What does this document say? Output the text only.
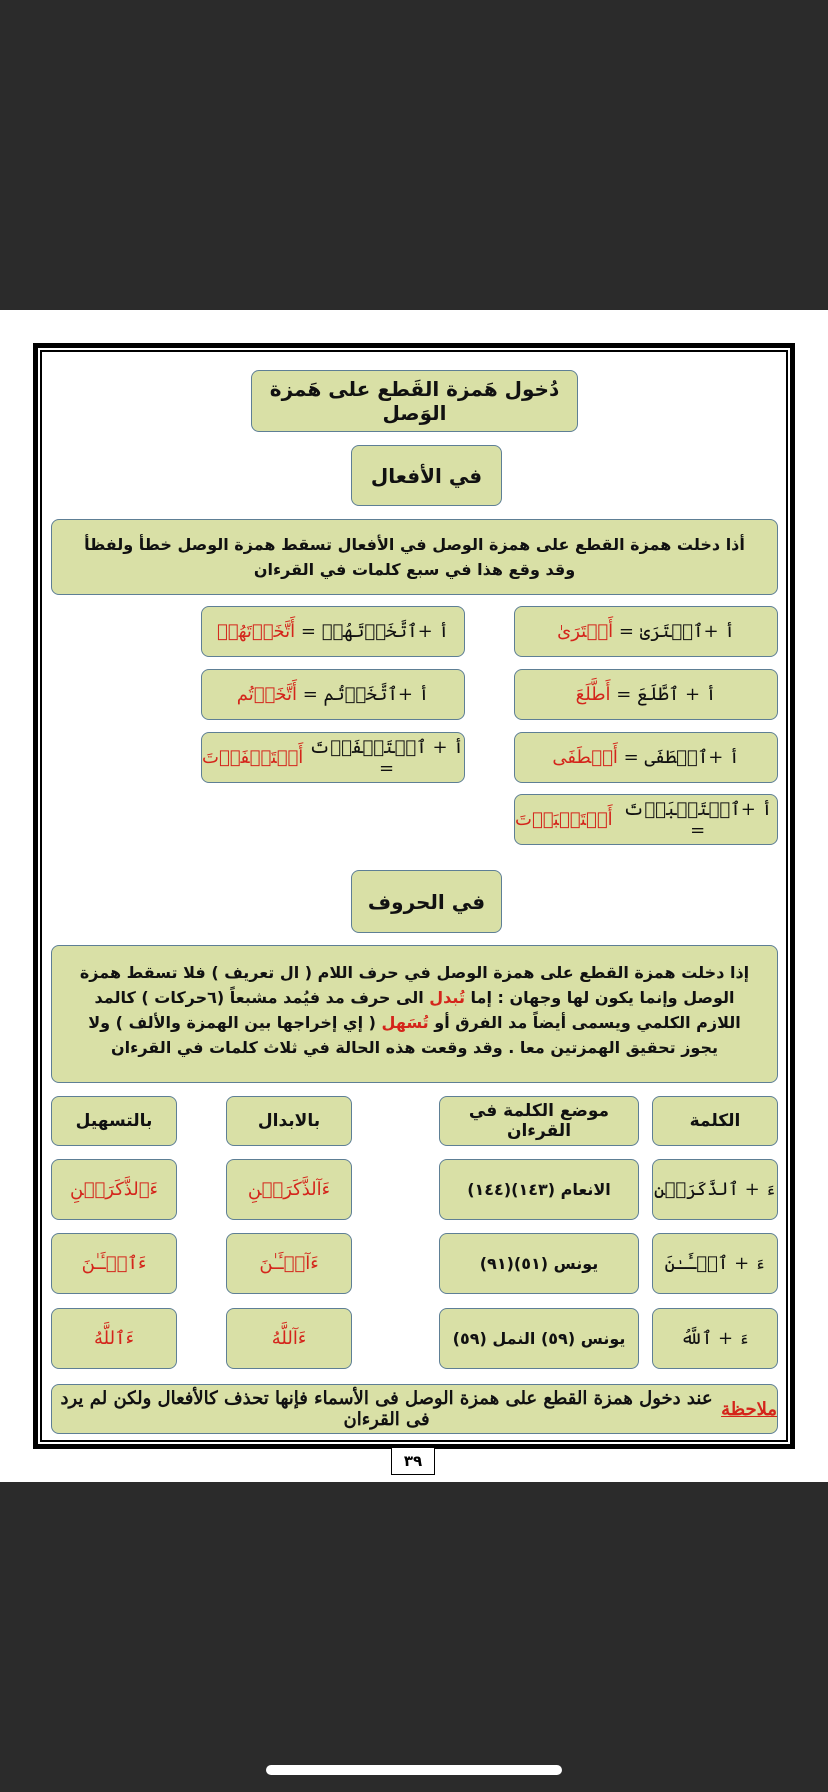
دُخول هَمزة القَطع على هَمزة الوَصل
في الأفعال
أذا دخلت همزة القطع على همزة الوصل في الأفعال تسقط همزة الوصل خطأ ولفظأ وقد وقع هذا في سبع كلمات في القرءان
أ +ٱفۡتَرَىٰ =

أَفۡتَرَىٰ
أ + ٱطَّلَعَ =

أَطَّلَعَ
أ +ٱصۡطَفَى =

أَصۡطَفَى
أ +ٱسۡتَكۡبَرۡتَ =

أَسۡتَكۡبَرۡتَ
أ +ٱتَّخَذۡتَهُمۡ =

أَتَّخَذۡتَهُمۡ
أ +ٱتَّخَذۡتُم =

أَتَّخَذۡتُم
أ + ٱسۡتَغۡفَرۡتَ =

أَسۡتَغۡفَرۡتَ
في الحروف
إذا دخلت همزة القطع على همزة الوصل في حرف اللام ( ال تعريف ) فلا تسقط همزة الوصل وإنما يكون لها وجهان : إما تُبدل الى حرف مد فيُمد مشبعاً (٦حركات ) كالمد اللازم الكلمي ويسمى أيضاً مد الفرق أو تُسَهل ( إي إخراجها بين الهمزة والألف ) ولا يجوز تحقيق الهمزتين معا . وقد وقعت هذه الحالة في ثلاث كلمات في القرءان
الكلمة
موضع الكلمة في القرءان
بالابدال
بالتسهيل
ءَ + ٱلذَّكَرَيۡنِ
الانعام (١٤٣)(١٤٤)
ءَآلذَّكَرَيۡنِ
ءَٱلذَّكَرَيۡنِ
ءَ + ٱلۡـَٔـٰنَ
يونس (٥١)(٩١)
ءَآلۡـَٔـٰنَ
ءَٱلۡـَٔـٰنَ
ءَ + ٱللَّهُ
يونس (٥٩) النمل (٥٩)
ءَآللَّهُ
ءَٱللَّهُ
ملاحظة
عند دخول همزة القطع على همزة الوصل فى الأسماء فإنها تحذف كالأفعال ولكن لم يرد فى القرءان
٣٩
